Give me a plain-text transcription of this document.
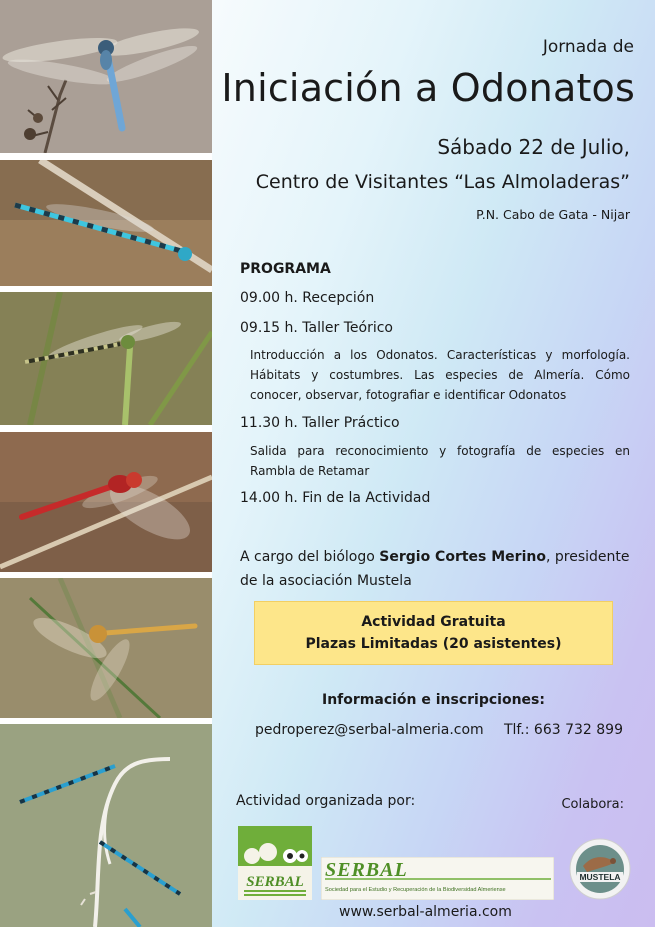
Jornada de
Iniciación a Odonatos
Sábado 22 de Julio,
Centro de Visitantes “Las Almoladeras”
P.N. Cabo de Gata - Nijar
PROGRAMA
09.00 h. Recepción
09.15 h. Taller Teórico
Introducción a los Odonatos. Características y morfología. Hábitats y costumbres. Las especies de Almería. Cómo conocer, observar, fotografiar e identificar Odonatos
11.30 h. Taller Práctico
Salida para reconocimiento y fotografía de especies en Rambla de Retamar
14.00 h. Fin de la Actividad
A cargo del biólogo Sergio Cortes Merino, presidente de la asociación Mustela
Actividad Gratuita
Plazas Limitadas (20 asistentes)
Información e inscripciones:
pedroperez@serbal-almeria.com Tlf.: 663 732 899
Actividad organizada por:	Colabora:
SERBAL
SERBAL
Sociedad para el Estudio y Recuperación de la Biodiversidad Almeriense
MUSTELA
www.serbal-almeria.com
